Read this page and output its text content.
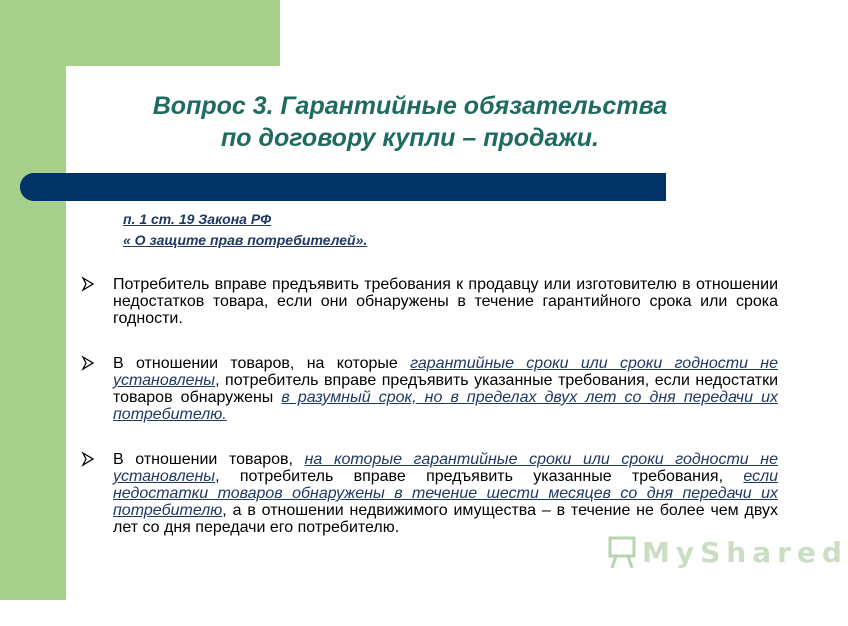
Вопрос 3. Гарантийные обязательства
по договору купли – продажи.
п. 1 ст. 19 Закона РФ
« О защите прав потребителей».
Потребитель вправе предъявить требования к продавцу или изготовителю в отношении недостатков товара, если они обнаружены в течение гарантийного срока или срока годности.
В отношении товаров, на которые гарантийные сроки или сроки годности не установлены, потребитель вправе предъявить указанные требования, если недостатки товаров обнаружены в разумный срок, но в пределах двух лет со дня передачи их потребителю.
В отношении товаров, на которые гарантийные сроки или сроки годности не установлены, потребитель вправе предъявить указанные требования, если недостатки товаров обнаружены в течение шести месяцев со дня передачи их потребителю, а в отношении недвижимого имущества – в течение не более чем двух лет со дня передачи его потребителю.
MyShared
